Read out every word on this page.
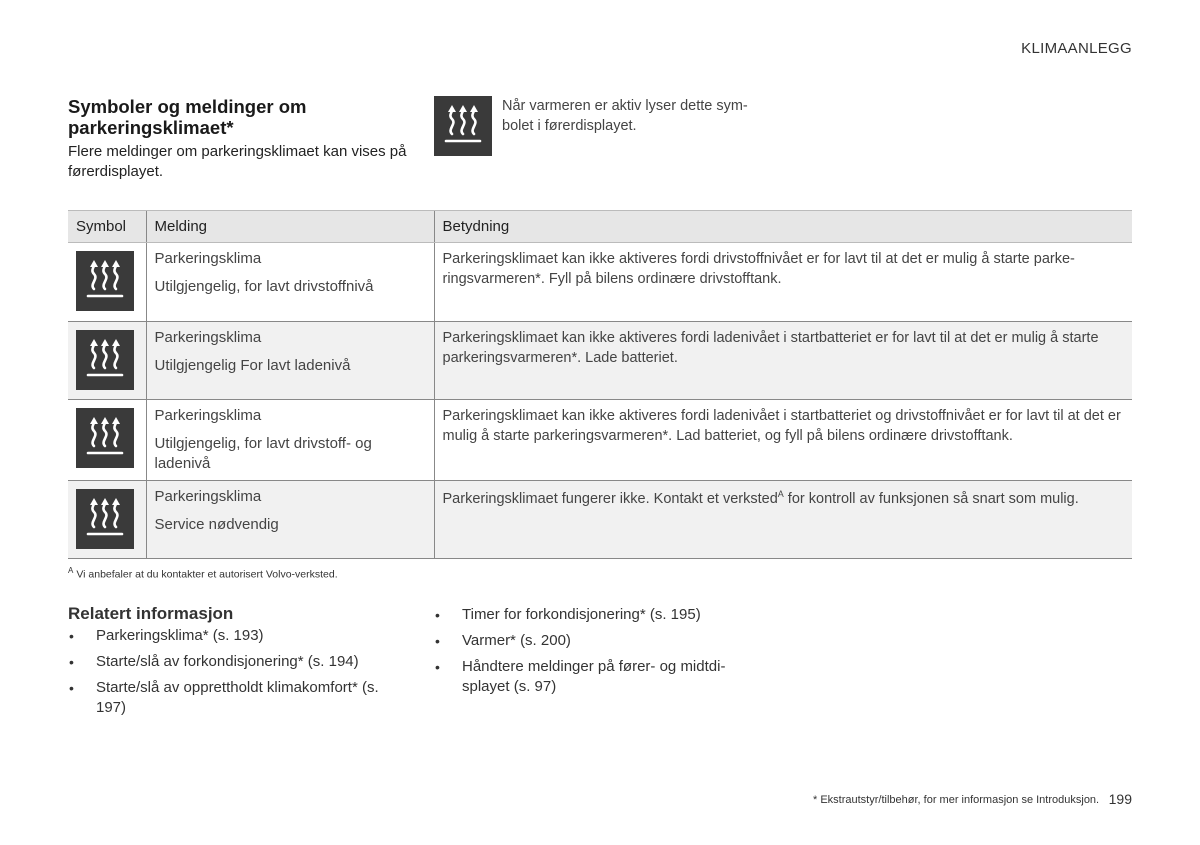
KLIMAANLEGG
Symboler og meldinger om
parkeringsklimaet*
Flere meldinger om parkeringsklimaet kan vises på førerdisplayet.
Når varmeren er aktiv lyser dette sym-bolet i førerdisplayet.
Symbol	Melding	Betydning

Parkeringsklima
Utilgjengelig, for lavt drivstoffnivå	Parkeringsklimaet kan ikke aktiveres fordi drivstoffnivået er for lavt til at det er mulig å starte parke-ringsvarmeren*. Fyll på bilens ordinære drivstofftank.

Parkeringsklima
Utilgjengelig For lavt ladenivå	Parkeringsklimaet kan ikke aktiveres fordi ladenivået i startbatteriet er for lavt til at det er mulig å starte parkeringsvarmeren*. Lade batteriet.

Parkeringsklima
Utilgjengelig, for lavt drivstoff- og ladenivå	Parkeringsklimaet kan ikke aktiveres fordi ladenivået i startbatteriet og drivstoffnivået er for lavt til at det er mulig å starte parkeringsvarmeren*. Lad batteriet, og fyll på bilens ordinære drivstofftank.

Parkeringsklima
Service nødvendig	Parkeringsklimaet fungerer ikke. Kontakt et verksted$^A$ for kontroll av funksjonen så snart som mulig.
$^A$ Vi anbefaler at du kontakter et autorisert Volvo-verksted.
Relatert informasjon
• Parkeringsklima* (s. 193)
• Starte/slå av forkondisjonering* (s. 194)
• Starte/slå av opprettholdt klimakomfort* (s. 197)
• Timer for forkondisjonering* (s. 195)
• Varmer* (s. 200)
• Håndtere meldinger på fører- og midtdi-splayet (s. 97)
* Ekstrautstyr/tilbehør, for mer informasjon se Introduksjon. 199
